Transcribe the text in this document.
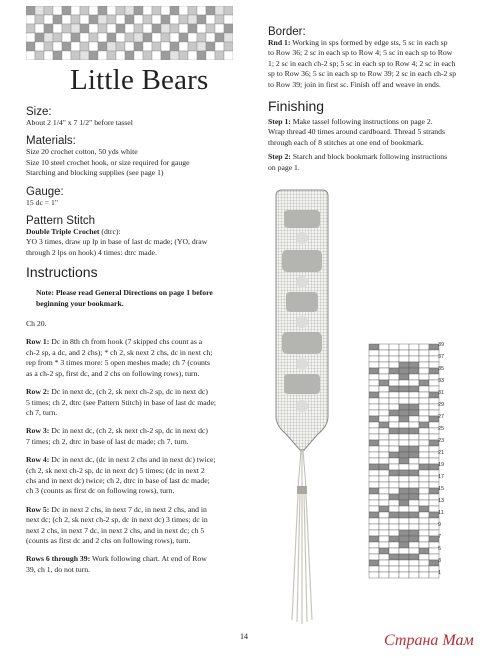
Little Bears
Size:
About 2 1/4" x 7 1/2" before tassel
Materials:
Size 20 crochet cotton, 50 yds white
Size 10 steel crochet hook, or size required for gauge
Starching and blocking supplies (see page 1)
Gauge:
15 dc = 1"
Pattern Stitch
Double Triple Crochet (dtrc):
YO 3 times, draw up lp in base of last dc made; (YO, draw
through 2 lps on hook) 4 times: dtrc made.
Instructions
Note: Please read General Directions on page 1 before
beginning your bookmark.
Ch 20.
Row 1: Dc in 8th ch from hook (7 skipped chs count as a
ch-2 sp, a dc, and 2 chs); * ch 2, sk next 2 chs, dc in next ch;
rep from * 3 times more: 5 open meshes made; ch 7 (counts
as a ch-2 sp, first dc, and 2 chs on following rows), turn.
Row 2: Dc in next dc, (ch 2, sk next ch-2 sp, dc in next dc)
5 times; ch 2, dtrc (see Pattern Stitch) in base of last dc made;
ch 7, turn.
Row 3: Dc in next dc, (ch 2, sk next ch-2 sp, dc in next dc)
7 times; ch 2, dtrc in base of last dc made; ch 7, turn.
Row 4: Dc in next dc, (dc in next 2 chs and in next dc) twice;
(ch 2, sk next ch-2 sp, dc in next dc) 5 times; (dc in next 2
chs and in next dc) twice; ch 2, dtrc in base of last dc made;
ch 3 (counts as first dc on following rows), turn.
Row 5: Dc in next 2 chs, in next 7 dc, in next 2 chs, and in
next dc; (ch 2, sk next ch-2 sp, dc in next dc) 3 times; dc in
next 2 chs, in next 7 dc, in next 2 chs, and in next dc; ch 5
(counts as first dc and 2 chs on following rows), turn.
Rows 6 through 39: Work following chart. At end of Row
39, ch 1, do not turn.
Border:
Rnd 1: Working in sps formed by edge sts, 5 sc in each sp
to Row 36; 2 sc in each sp to Row 4; 5 sc in each sp to Row
1; 2 sc in each ch-2 sp; 5 sc in each sp to Row 4; 2 sc in each
sp to Row 36; 5 sc in each sp to Row 39; 2 sc in each ch-2 sp
to Row 39; join in first sc. Finish off and weave in ends.
Finishing
Step 1: Make tassel following instructions on page 2.
Wrap thread 40 times around cardboard. Thread 5 strands
through each of 8 stitches at one end of bookmark.
Step 2: Starch and block bookmark following instructions
on page 1.
39
37
35
33
31
29
27
25
23
21
19
17
15
13
11
9
7
5
3
1
14	Страна Мам
